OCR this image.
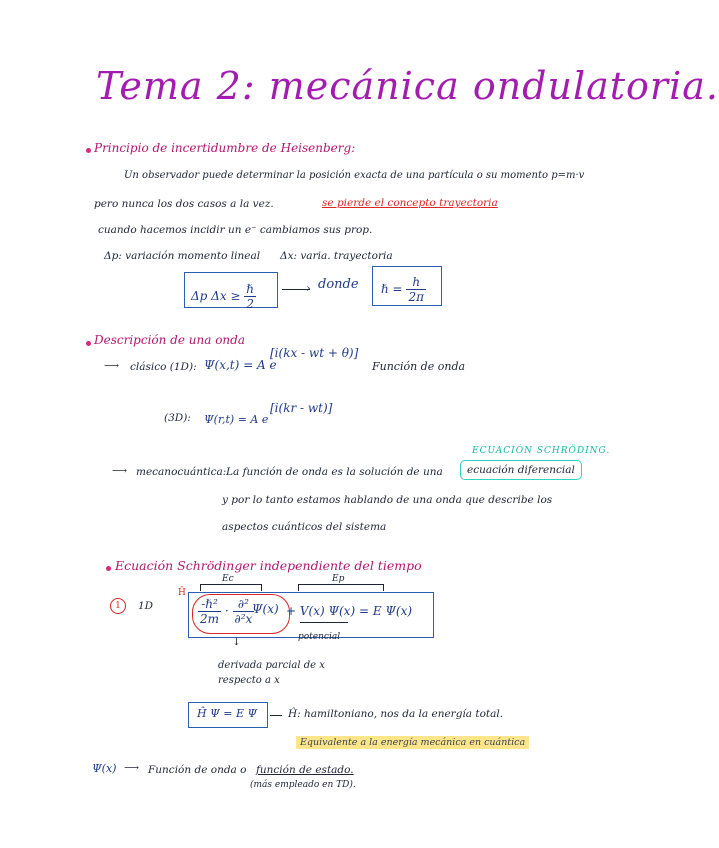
Tema 2: mecánica ondulatoria.
Principio de incertidumbre de Heisenberg:
Un observador puede determinar la posición exacta de una partícula o su momento p=m·v
pero nunca los dos casos a la vez.	se pierde el concepto trayectoria
cuando hacemos incidir un e⁻ cambiamos sus prop.
Δp: variación momento lineal Δx: varia. trayectoria
Δp $\Delta x \ge \frac{\text{ℏ}}{2}$	› donde ℏ = $\frac{h}{2\pi}$
Descripción de una onda
⟶ clásico (1D): Ψ(x,t) = A e
[i(kx - wt + θ)]
Función de onda
(3D): Ψ(r,t) = A e
[i(kr - wt)]
ECUACIÓN SCHRÖDING.
⟶ mecanocuántica: La función de onda es la solución de una	ecuación diferencial
y por lo tanto estamos hablando de una onda que describe los
aspectos cuánticos del sistema
Ecuación Schrödinger independiente del tiempo
Ec	Ep
1	1D
Ĥ
$\frac{\text{-ℏ²}}{2m} \cdot \frac{\text{∂²}}{\text{∂²x}}$
Ψ(x) + V(x) Ψ(x) = E Ψ(x)
potencial
↓
derivada parcial de x
respecto a x
Ĥ Ψ = E Ψ	Ĥ: hamiltoniano, nos da la energía total.
Equivalente a la energía mecánica en cuántica
Ψ(x) ⟶ Función de onda o función de estado.
(más empleado en TD).
